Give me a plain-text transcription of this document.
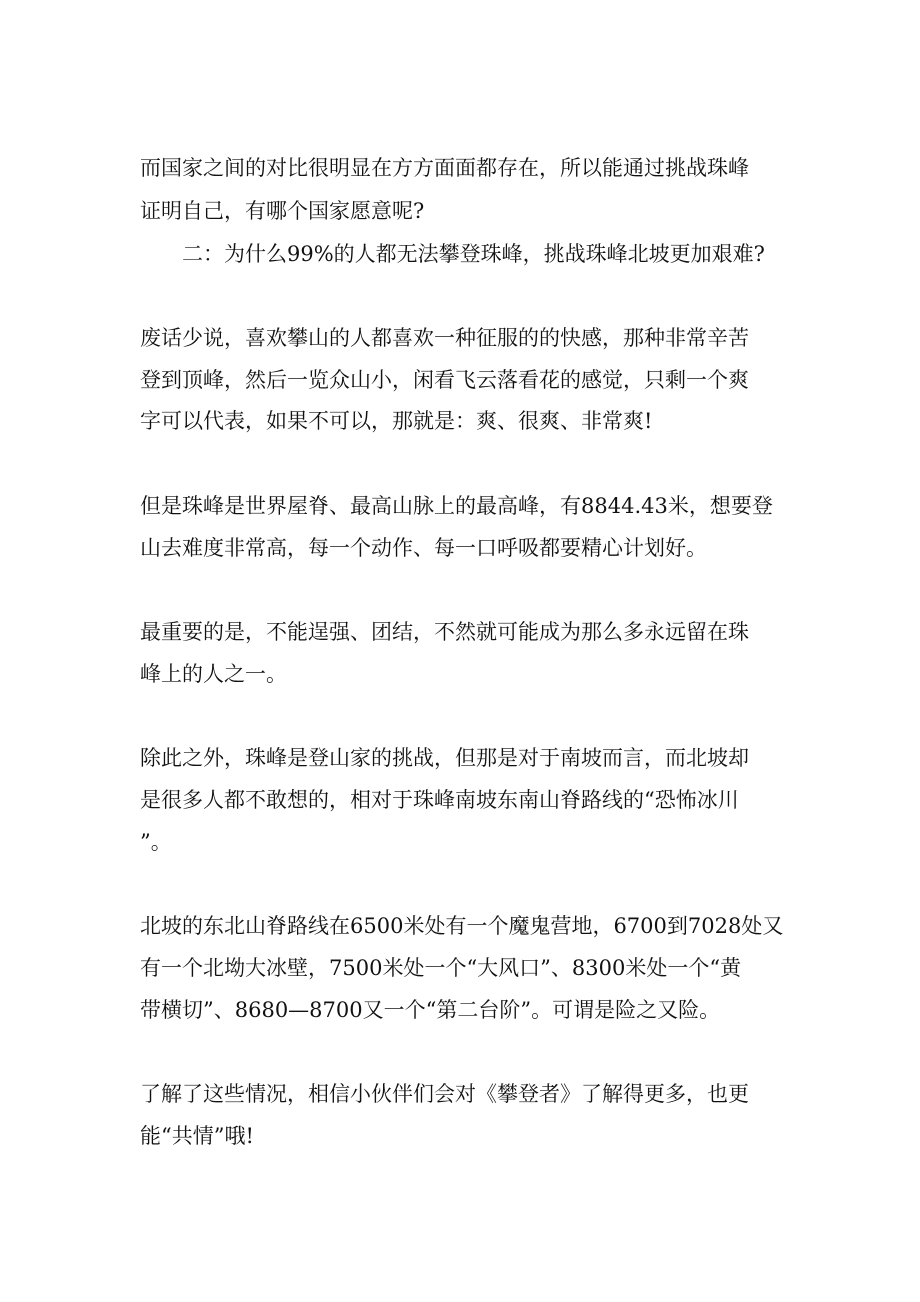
而国家之间的对比很明显在方方面面都存在，所以能通过挑战珠峰
证明自己，有哪个国家愿意呢?
二：为什么99%的人都无法攀登珠峰，挑战珠峰北坡更加艰难?
废话少说，喜欢攀山的人都喜欢一种征服的的快感，那种非常辛苦
登到顶峰，然后一览众山小，闲看飞云落看花的感觉，只剩一个爽
字可以代表，如果不可以，那就是：爽、很爽、非常爽!
但是珠峰是世界屋脊、最高山脉上的最高峰，有8844.43米，想要登
山去难度非常高，每一个动作、每一口呼吸都要精心计划好。
最重要的是，不能逞强、团结，不然就可能成为那么多永远留在珠
峰上的人之一。
除此之外，珠峰是登山家的挑战，但那是对于南坡而言，而北坡却
是很多人都不敢想的，相对于珠峰南坡东南山脊路线的“恐怖冰川
”。
北坡的东北山脊路线在6500米处有一个魔鬼营地，6700到7028处又
有一个北坳大冰壁，7500米处一个“大风口”、8300米处一个“黄
带横切”、8680—8700又一个“第二台阶”。可谓是险之又险。
了解了这些情况，相信小伙伴们会对《攀登者》了解得更多，也更
能“共情”哦!
